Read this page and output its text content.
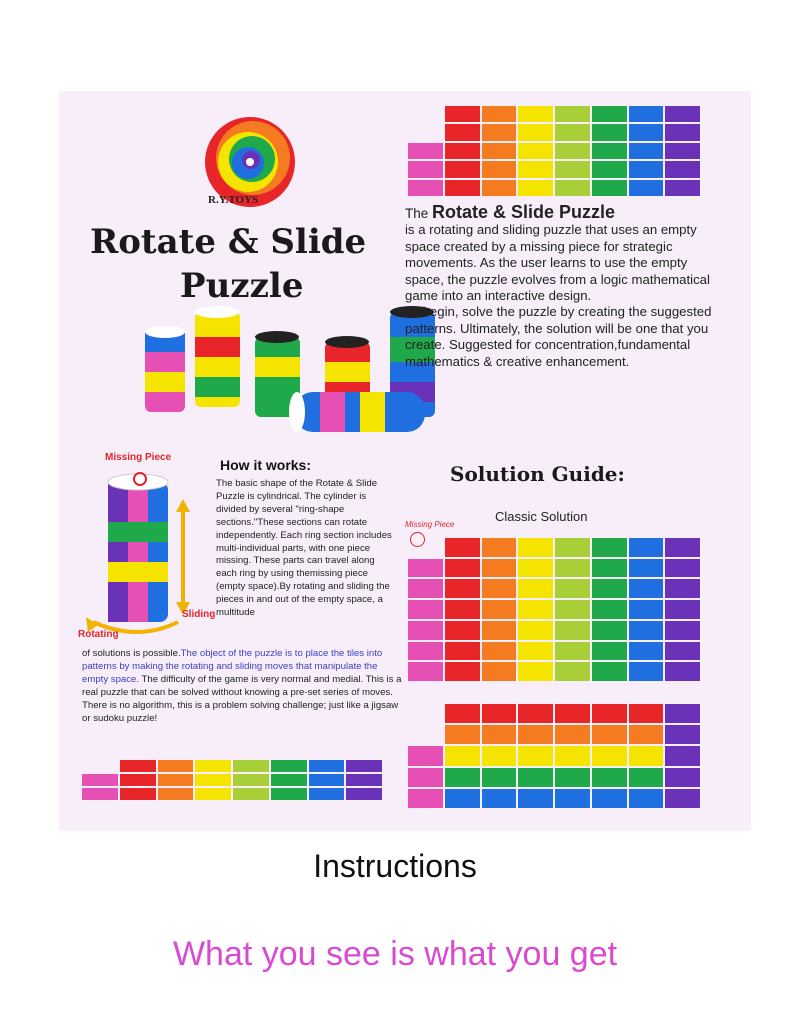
R.Y.TOYS
Rotate & Slide
Puzzle
Missing Piece
Sliding
Rotating
How it works:
The basic shape of the Rotate & Slide Puzzle is cylindrical. The cylinder is divided by several "ring-shape sections."These sections can rotate independently. Each ring section includes multi-individual parts, with one piece missing. These parts can travel along each ring by using themissing piece (empty space).By rotating and sliding the pieces in and out of the empty space, a multitude
of solutions is possible.The object of the puzzle is to place the tiles into patterns by making the rotating and sliding moves that manipulate the empty space. The difficulty of the game is very normal and medial. This is a real puzzle that can be solved without knowing a pre-set series of moves. There is no algorithm, this is a problem solving challenge; just like a jigsaw or sudoku puzzle!
The Rotate & Slide Puzzle
is a rotating and sliding puzzle that uses an empty space created by a missing piece for strategic movements. As the user learns to use the empty space, the puzzle evolves from a logic mathematical game into an interactive design.
To begin, solve the puzzle by creating the suggested patterns. Ultimately, the solution will be one that you create. Suggested for concentration,fundamental mathematics & creative enhancement.
Solution Guide:
Classic Solution
Missing Piece
Instructions
What you see is what you get
